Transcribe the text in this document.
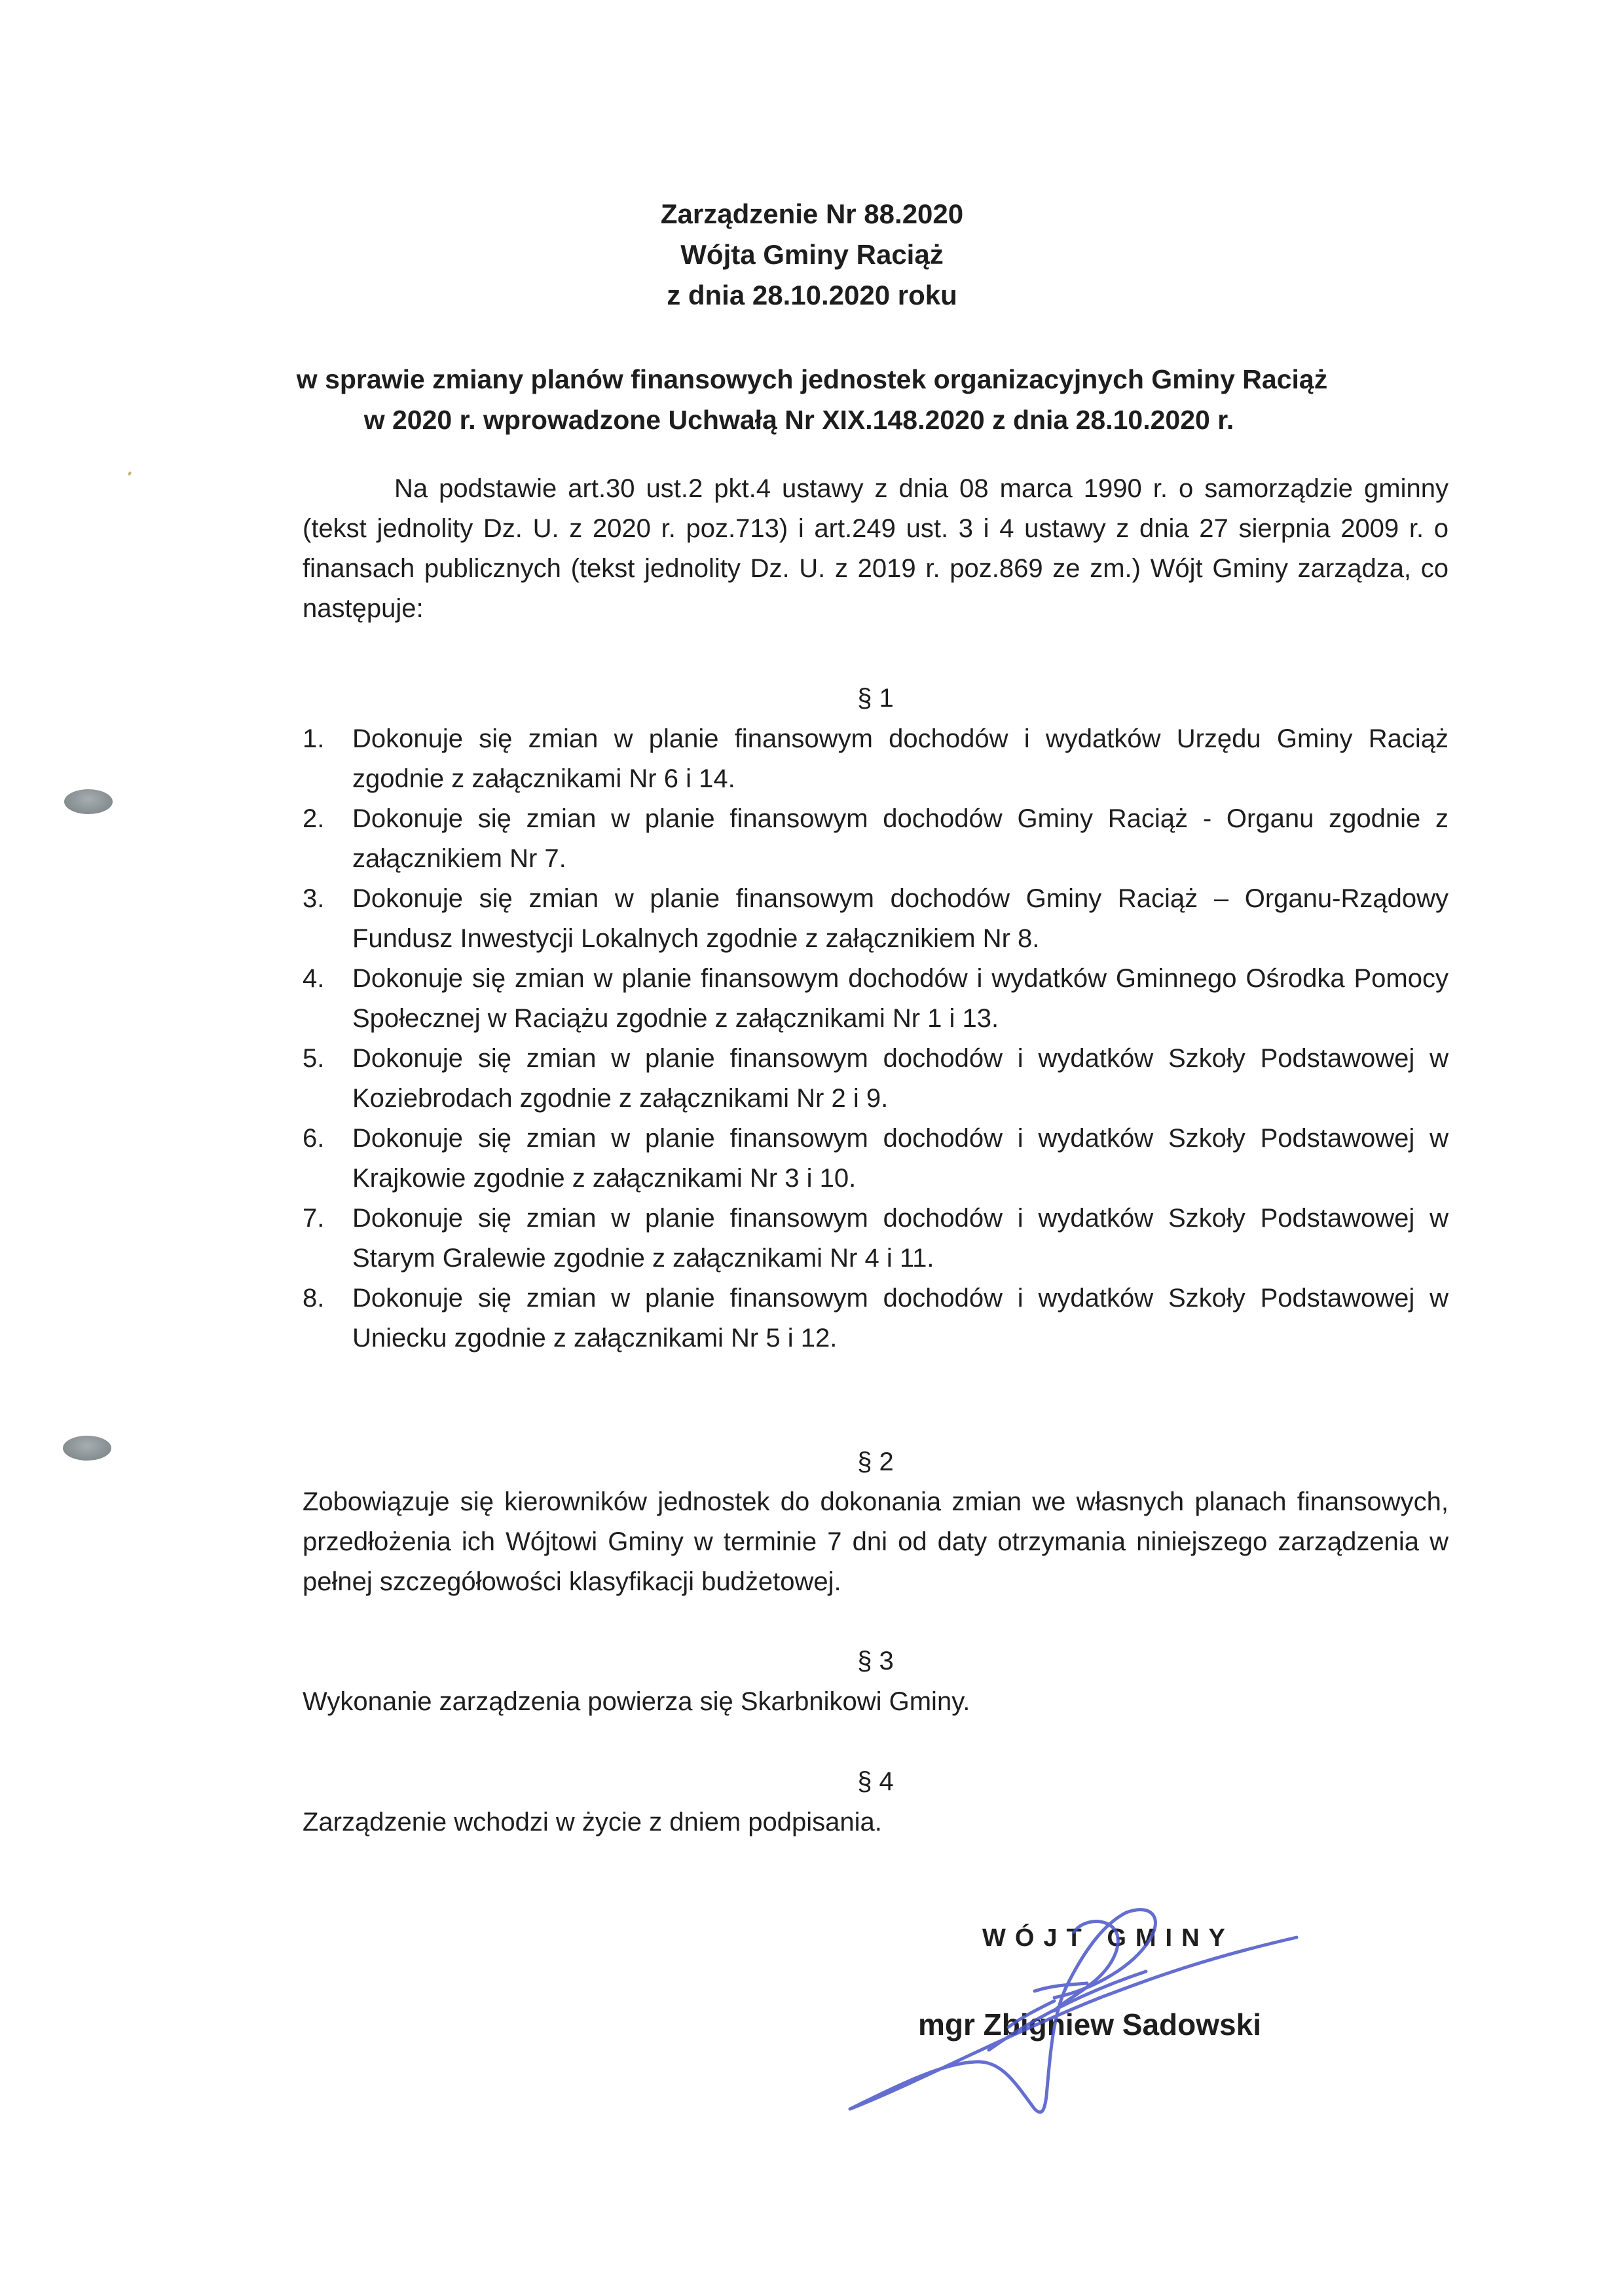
Zarządzenie Nr 88.2020
Wójta Gminy Raciąż
z dnia 28.10.2020 roku
w sprawie zmiany planów finansowych jednostek organizacyjnych Gminy Raciąż
w 2020 r. wprowadzone Uchwałą Nr XIX.148.2020 z dnia 28.10.2020 r.
Na podstawie art.30 ust.2 pkt.4 ustawy z dnia 08 marca 1990 r. o samorządzie gminny (tekst jednolity Dz. U. z 2020 r. poz.713) i art.249 ust. 3 i 4 ustawy z dnia 27 sierpnia 2009 r. o finansach publicznych (tekst jednolity Dz. U. z 2019 r. poz.869 ze zm.) Wójt Gminy zarządza, co następuje:
§ 1
1.	Dokonuje się zmian w planie finansowym dochodów i wydatków Urzędu Gminy Raciąż zgodnie z załącznikami Nr 6 i 14.
2.	Dokonuje się zmian w planie finansowym dochodów Gminy Raciąż - Organu zgodnie z załącznikiem Nr 7.
3.	Dokonuje się zmian w planie finansowym dochodów Gminy Raciąż – Organu-Rządowy Fundusz Inwestycji Lokalnych zgodnie z załącznikiem Nr 8.
4.	Dokonuje się zmian w planie finansowym dochodów i wydatków Gminnego Ośrodka Pomocy Społecznej w Raciążu zgodnie z załącznikami Nr 1 i 13.
5.	Dokonuje się zmian w planie finansowym dochodów i wydatków Szkoły Podstawowej w Koziebrodach zgodnie z załącznikami Nr 2 i 9.
6.	Dokonuje się zmian w planie finansowym dochodów i wydatków Szkoły Podstawowej w Krajkowie zgodnie z załącznikami Nr 3 i 10.
7.	Dokonuje się zmian w planie finansowym dochodów i wydatków Szkoły Podstawowej w Starym Gralewie zgodnie z załącznikami Nr 4 i 11.
8.	Dokonuje się zmian w planie finansowym dochodów i wydatków Szkoły Podstawowej w Uniecku zgodnie z załącznikami Nr 5 i 12.
§ 2
Zobowiązuje się kierowników jednostek do dokonania zmian we własnych planach finansowych, przedłożenia ich Wójtowi Gminy w terminie 7 dni od daty otrzymania niniejszego zarządzenia w pełnej szczegółowości klasyfikacji budżetowej.
§ 3
Wykonanie zarządzenia powierza się Skarbnikowi Gminy.
§ 4
Zarządzenie wchodzi w życie z dniem podpisania.
WÓJT GMINY
mgr Zbigniew Sadowski
